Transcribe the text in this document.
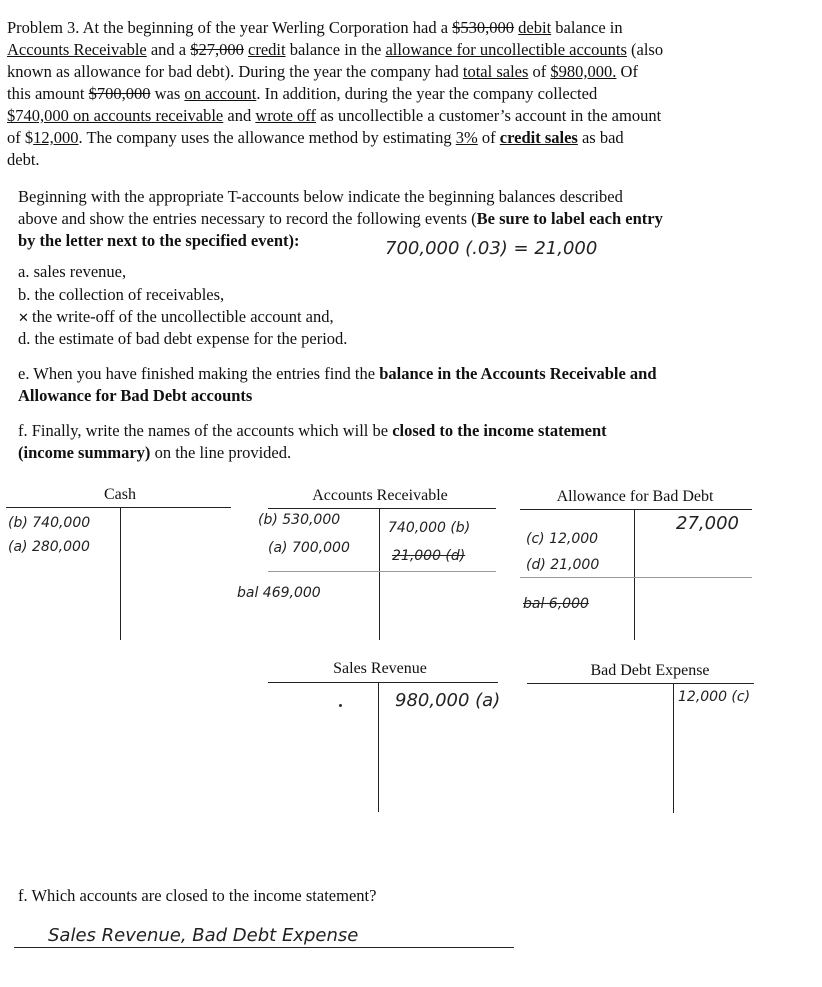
Problem 3. At the beginning of the year Werling Corporation had a $530,000 debit balance in
Accounts Receivable and a $27,000 credit balance in the allowance for uncollectible accounts (also
known as allowance for bad debt). During the year the company had total sales of $980,000. Of
this amount $700,000 was on account. In addition, during the year the company collected
$740,000 on accounts receivable and wrote off as uncollectible a customer’s account in the amount
of $12,000. The company uses the allowance method by estimating 3% of credit sales as bad
debt.
Beginning with the appropriate T-accounts below indicate the beginning balances described
above and show the entries necessary to record the following events (Be sure to label each entry
by the letter next to the specified event):	700,000 (.03) = 21,000
a. sales revenue,
b. the collection of receivables,
✕ the write-off of the uncollectible account and,
d. the estimate of bad debt expense for the period.
e. When you have finished making the entries find the balance in the Accounts Receivable and
Allowance for Bad Debt accounts
f. Finally, write the names of the accounts which will be closed to the income statement
(income summary) on the line provided.
Cash
(b) 740,000
(a) 280,000
Accounts Receivable
(b) 530,000
(a) 700,000
740,000 (b)
21,000 (d)
bal 469,000
Allowance for Bad Debt
27,000
(c) 12,000
(d) 21,000
bal 6,000
Sales Revenue
980,000 (a)
Bad Debt Expense
12,000 (c)
f. Which accounts are closed to the income statement?
Sales Revenue, Bad Debt Expense
